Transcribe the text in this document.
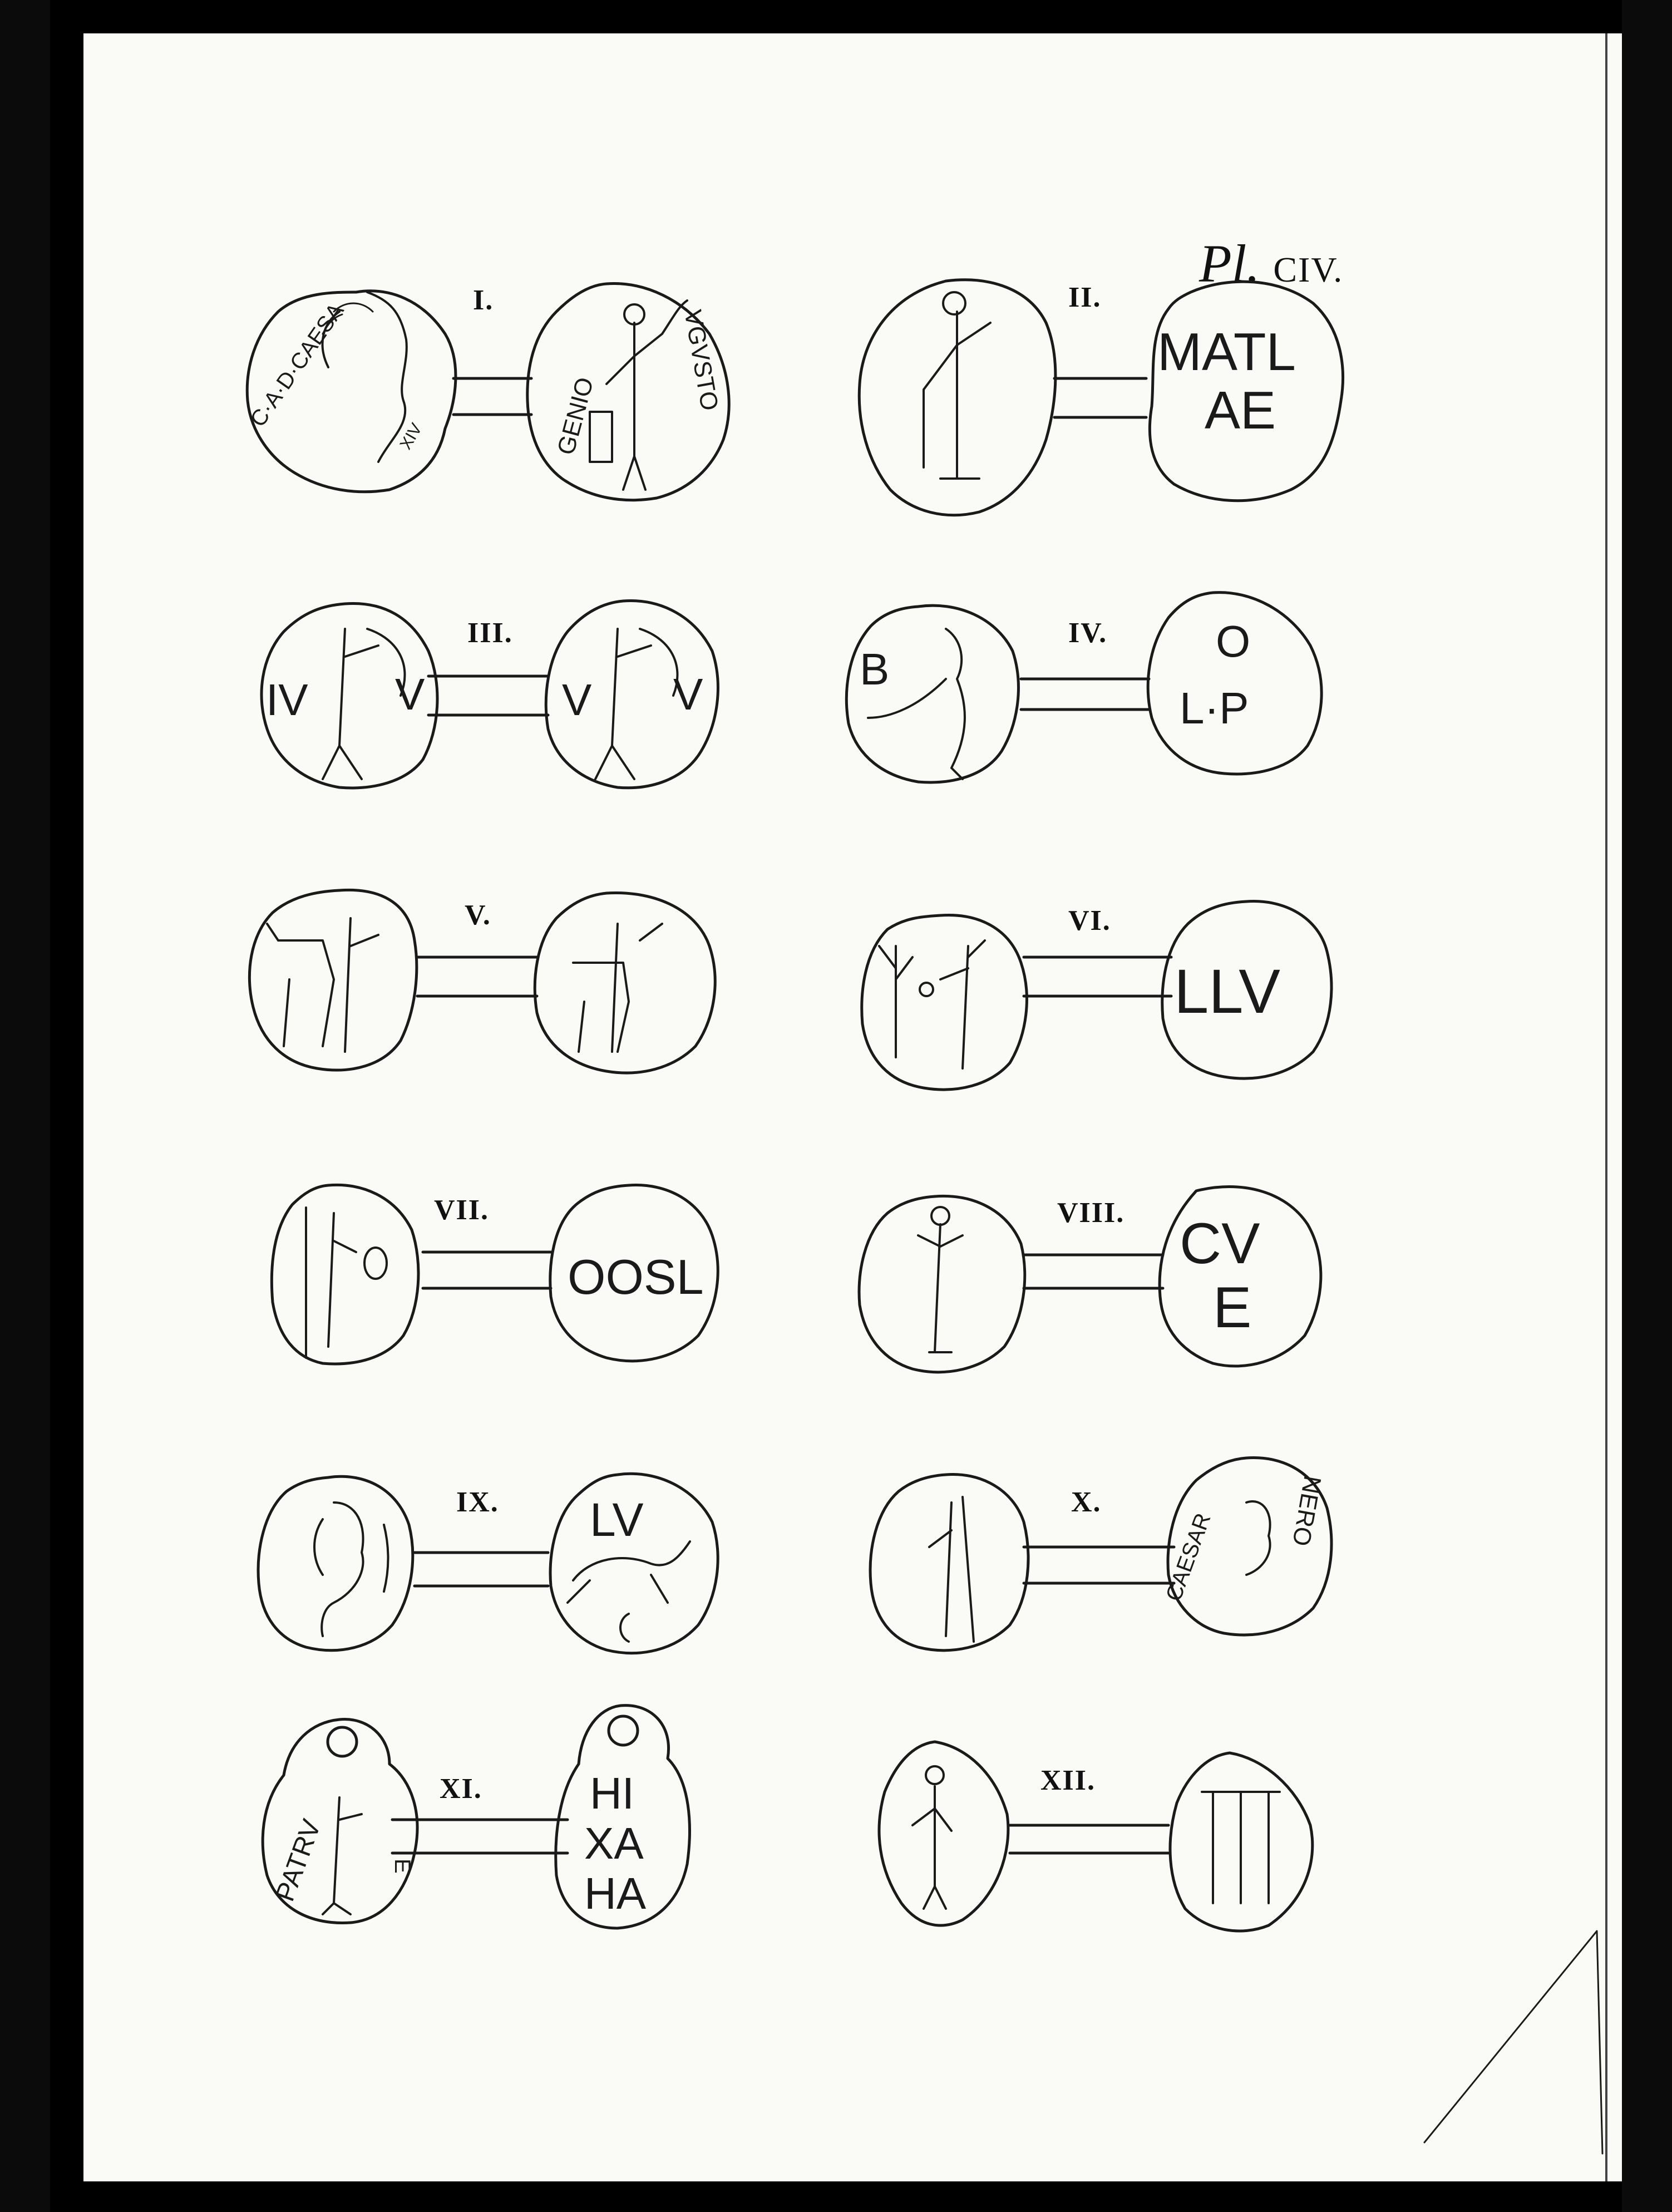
Pl. CIV.
I.	II.
III.	IV.
V.	VI.
VII.	VIII.
IX.	X.
XI.	XII.
C·A·D·CAESA
XIV	GENIO
VGVSTO	MATL
AE
IV V	V V
B
O
L·P
LLV
OOSL
CV
E
LV	CAESAR	NERO
PATRV	E
HI
XA
HA
